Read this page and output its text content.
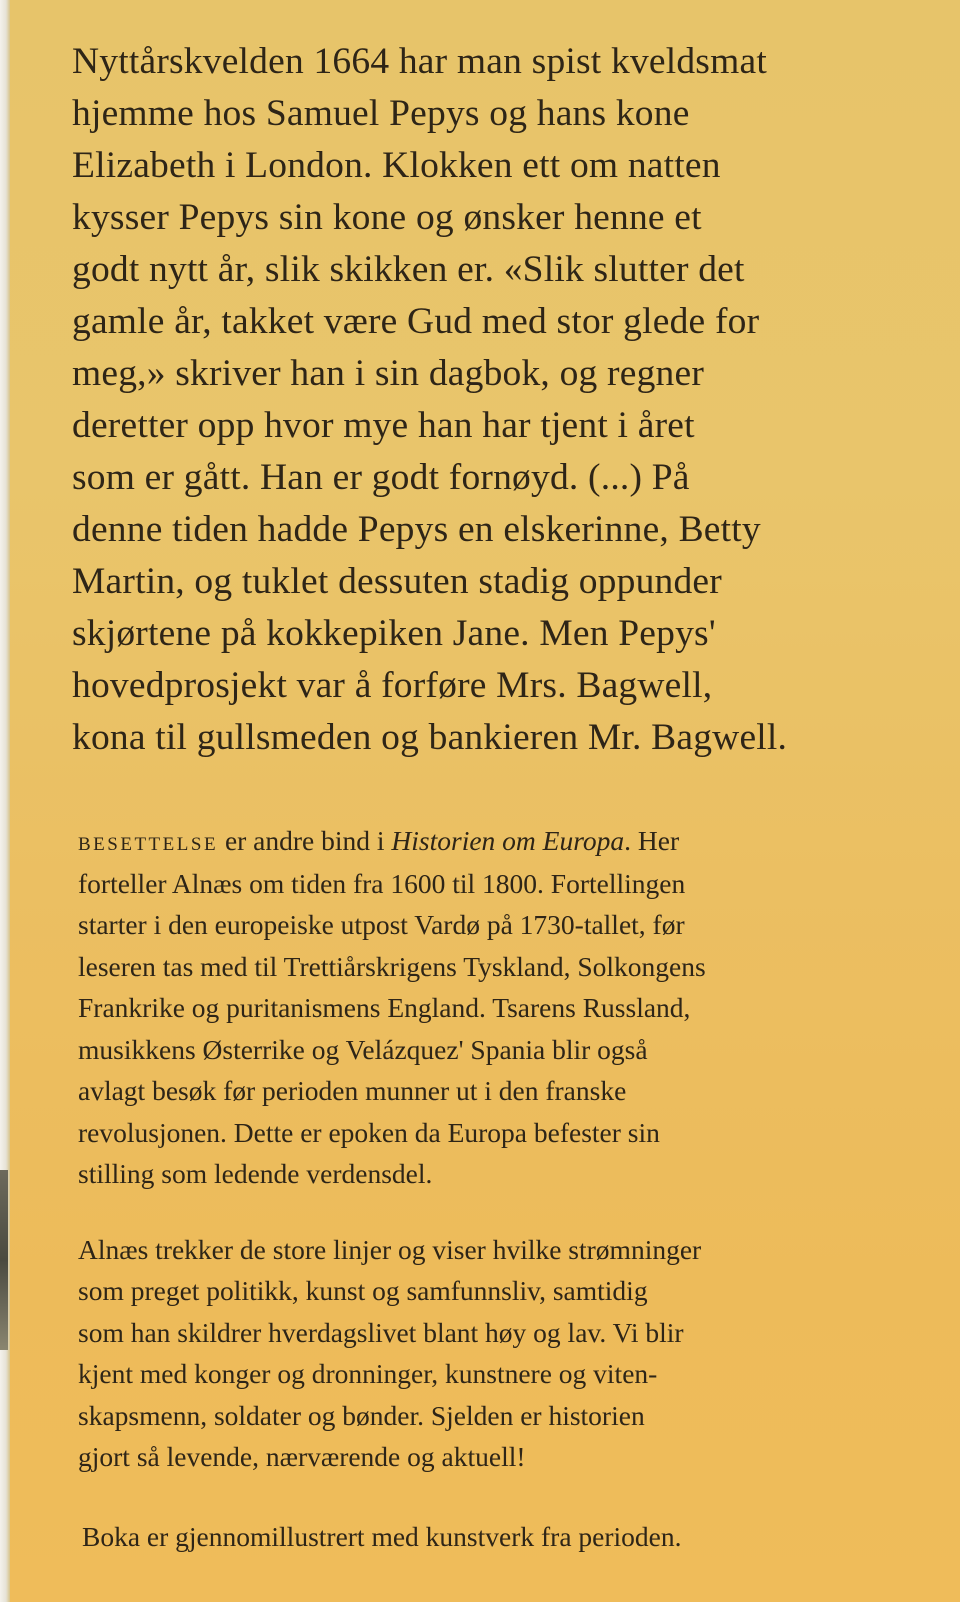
Nyttårskvelden 1664 har man spist kveldsmat
hjemme hos Samuel Pepys og hans kone
Elizabeth i London. Klokken ett om natten
kysser Pepys sin kone og ønsker henne et
godt nytt år, slik skikken er. «Slik slutter det
gamle år, takket være Gud med stor glede for
meg,» skriver han i sin dagbok, og regner
deretter opp hvor mye han har tjent i året
som er gått. Han er godt fornøyd. (...) På
denne tiden hadde Pepys en elskerinne, Betty
Martin, og tuklet dessuten stadig oppunder
skjørtene på kokkepiken Jane. Men Pepys'
hovedprosjekt var å forføre Mrs. Bagwell,
kona til gullsmeden og bankieren Mr. Bagwell.

besettelse er andre bind i Historien om Europa. Her
forteller Alnæs om tiden fra 1600 til 1800. Fortellingen
starter i den europeiske utpost Vardø på 1730-tallet, før
leseren tas med til Trettiårskrigens Tyskland, Solkongens
Frankrike og puritanismens England. Tsarens Russland,
musikkens Østerrike og Velázquez' Spania blir også
avlagt besøk før perioden munner ut i den franske
revolusjonen. Dette er epoken da Europa befester sin
stilling som ledende verdensdel.

Alnæs trekker de store linjer og viser hvilke strømninger
som preget politikk, kunst og samfunnsliv, samtidig
som han skildrer hverdagslivet blant høy og lav. Vi blir
kjent med konger og dronninger, kunstnere og viten-
skapsmenn, soldater og bønder. Sjelden er historien
gjort så levende, nærværende og aktuell!

Boka er gjennomillustrert med kunstverk fra perioden.
